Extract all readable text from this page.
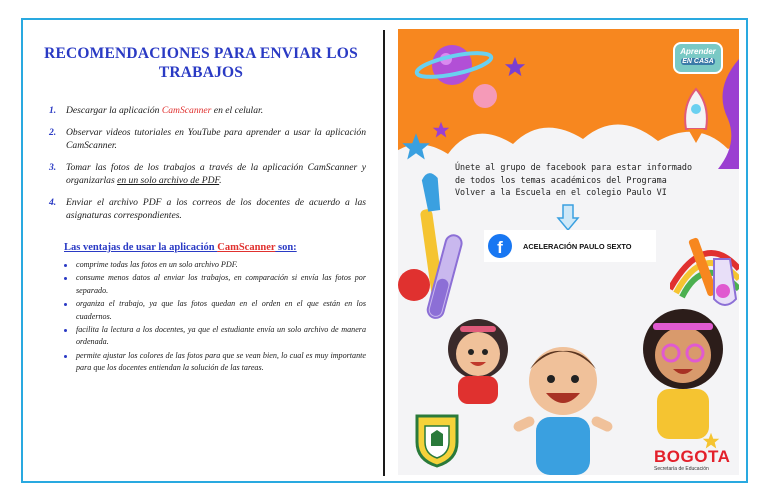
RECOMENDACIONES PARA ENVIAR LOS TRABAJOS
1. Descargar la aplicación CamScanner en el celular.
2. Observar videos tutoriales en YouTube para aprender a usar la aplicación CamScanner.
3. Tomar las fotos de los trabajos a través de la aplicación CamScanner y organizarlas en un solo archivo de PDF.
4. Enviar el archivo PDF a los correos de los docentes de acuerdo a las asignaturas correspondientes.
Las ventajas de usar la aplicación CamScanner son:
comprime todas las fotos en un solo archivo PDF.
consume menos datos al enviar los trabajos, en comparación si envía las fotos por separado.
organiza el trabajo, ya que las fotos quedan en el orden en el que están en los cuadernos.
facilita la lectura a los docentes, ya que el estudiante envía un solo archivo de manera ordenada.
permite ajustar los colores de las fotos para que se vean bien, lo cual es muy importante para que los docentes entiendan la solución de las tareas.
Aprender
EN CASA
Únete al grupo de facebook para estar informado de todos los temas académicos del Programa Volver a la Escuela en el colegio Paulo VI
f	ACELERACIÓN PAULO SEXTO
BOGOTA
Secretaría de Educación
